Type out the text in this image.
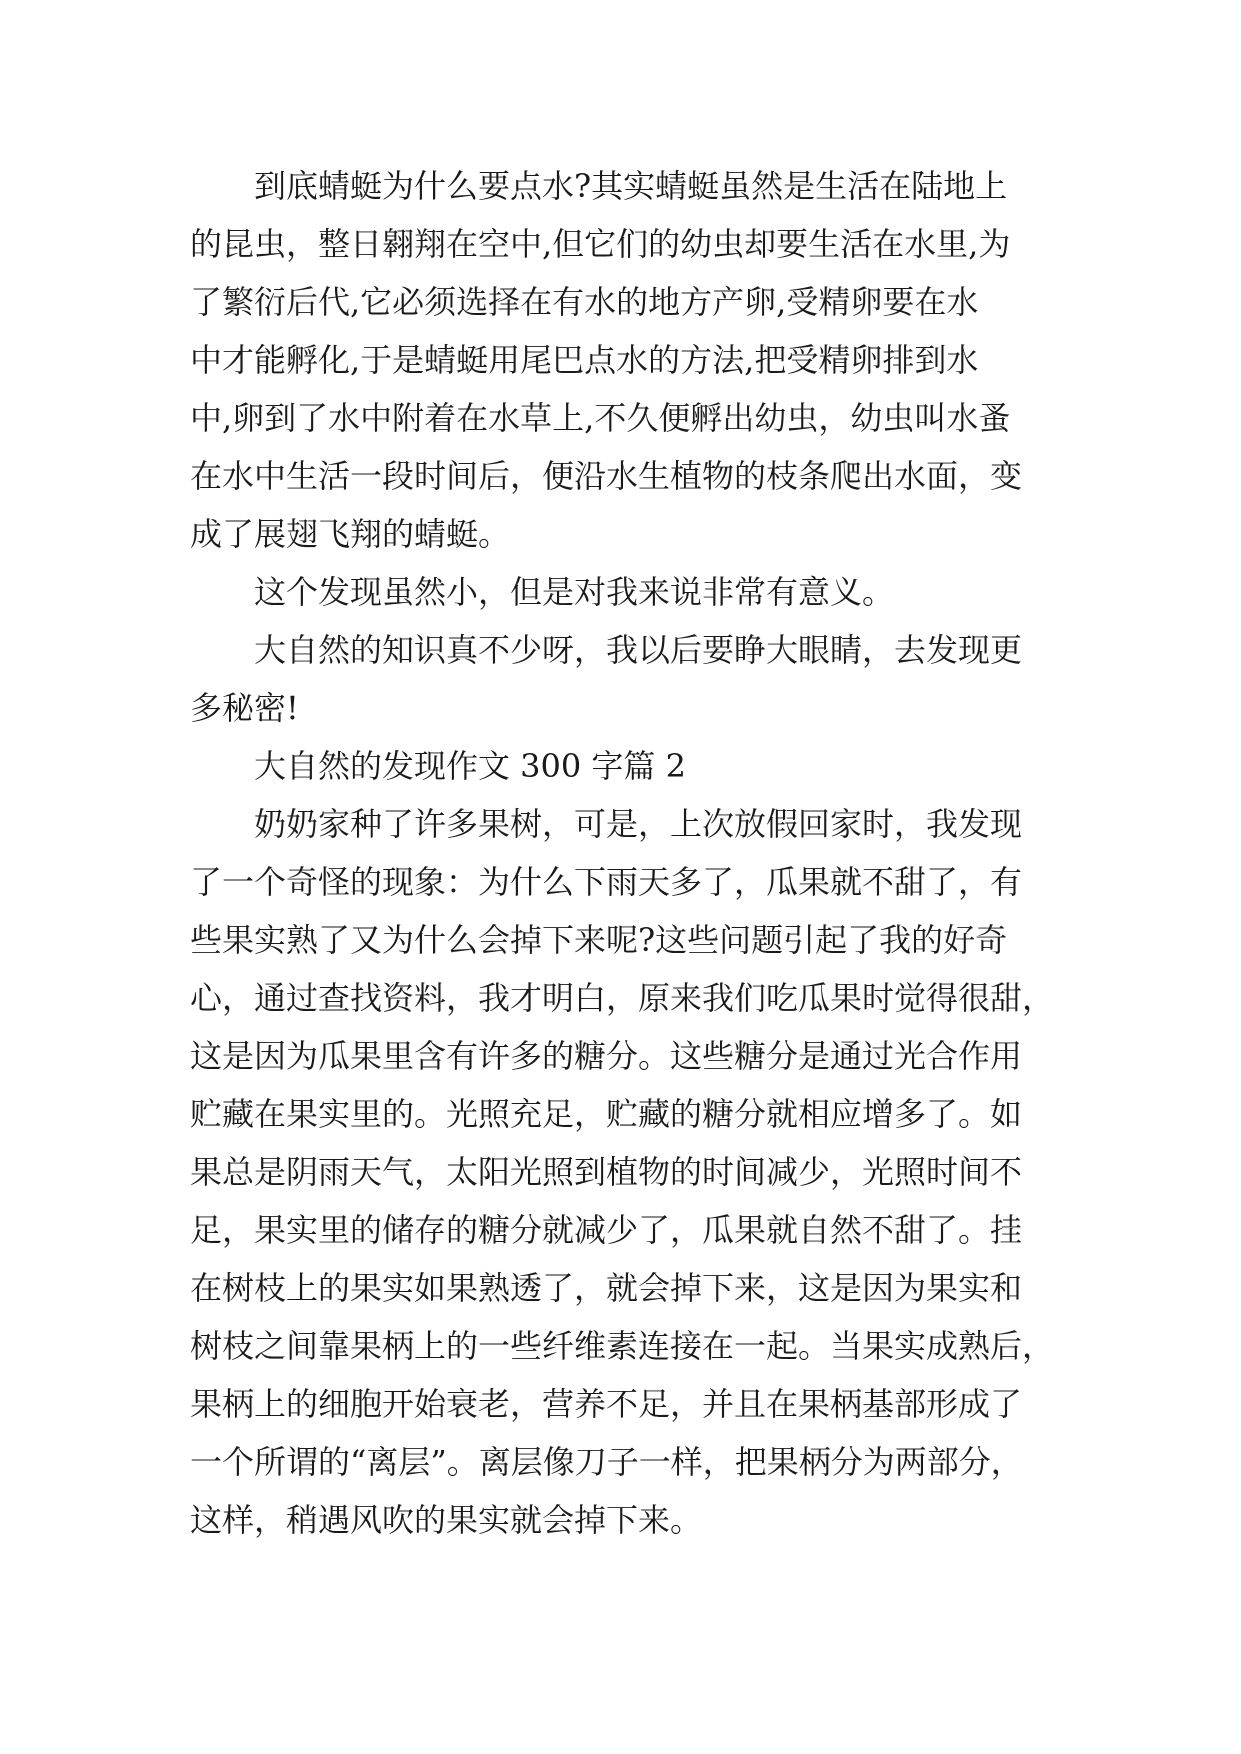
到底蜻蜓为什么要点水?其实蜻蜓虽然是生活在陆地上
的昆虫，整日翱翔在空中,但它们的幼虫却要生活在水里,为
了繁衍后代,它必须选择在有水的地方产卵,受精卵要在水
中才能孵化,于是蜻蜓用尾巴点水的方法,把受精卵排到水
中,卵到了水中附着在水草上,不久便孵出幼虫，幼虫叫水蚤
在水中生活一段时间后，便沿水生植物的枝条爬出水面，变
成了展翅飞翔的蜻蜓。
这个发现虽然小，但是对我来说非常有意义。
大自然的知识真不少呀，我以后要睁大眼睛，去发现更
多秘密!
大自然的发现作文 300 字篇 2
奶奶家种了许多果树，可是，上次放假回家时，我发现
了一个奇怪的现象：为什么下雨天多了，瓜果就不甜了，有
些果实熟了又为什么会掉下来呢?这些问题引起了我的好奇
心，通过查找资料，我才明白，原来我们吃瓜果时觉得很甜，
这是因为瓜果里含有许多的糖分。这些糖分是通过光合作用
贮藏在果实里的。光照充足，贮藏的糖分就相应增多了。如
果总是阴雨天气，太阳光照到植物的时间减少，光照时间不
足，果实里的储存的糖分就减少了，瓜果就自然不甜了。挂
在树枝上的果实如果熟透了，就会掉下来，这是因为果实和
树枝之间靠果柄上的一些纤维素连接在一起。当果实成熟后，
果柄上的细胞开始衰老，营养不足，并且在果柄基部形成了
一个所谓的“离层”。离层像刀子一样，把果柄分为两部分，
这样，稍遇风吹的果实就会掉下来。
